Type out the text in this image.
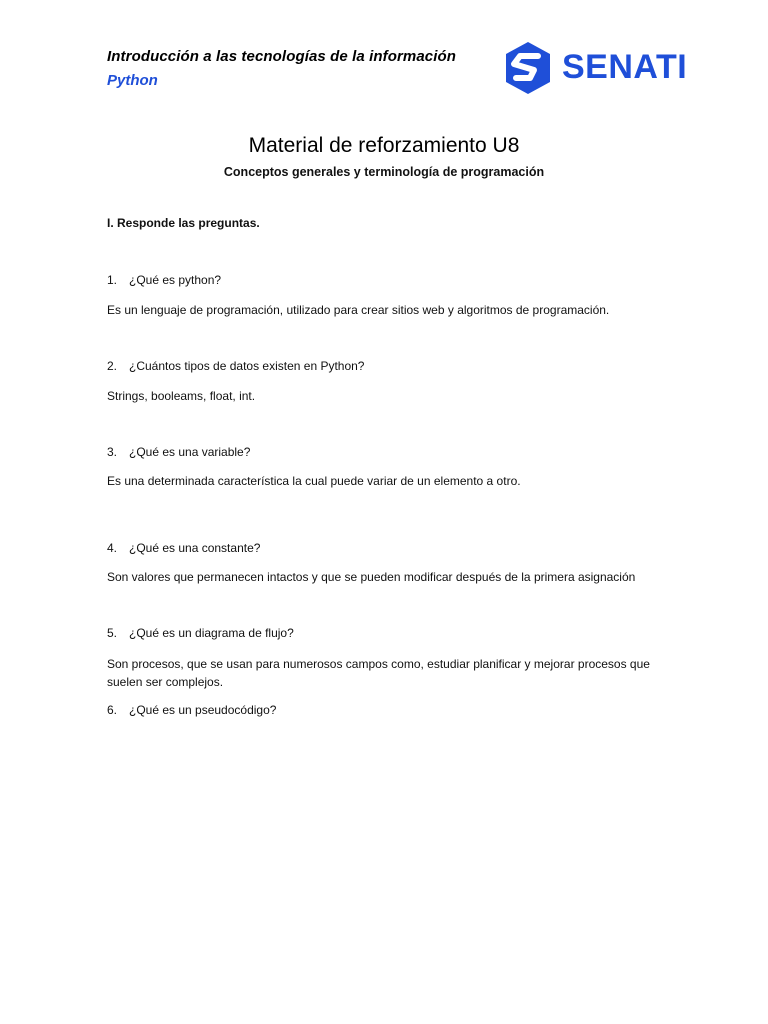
Introducción a las tecnologías de la información
Python	SENATI
Material de reforzamiento U8
Conceptos generales y terminología de programación
I. Responde las preguntas.
1. ¿Qué es python?
Es un lenguaje de programación, utilizado para crear sitios web y algoritmos de programación.
2. ¿Cuántos tipos de datos existen en Python?
Strings, booleams, float, int.
3. ¿Qué es una variable?
Es una determinada característica la cual puede variar de un elemento a otro.
4. ¿Qué es una constante?
Son valores que permanecen intactos y que se pueden modificar después de la primera asignación
5. ¿Qué es un diagrama de flujo?
Son procesos, que se usan para numerosos campos como, estudiar planificar y mejorar procesos que suelen ser complejos.
6. ¿Qué es un pseudocódigo?
